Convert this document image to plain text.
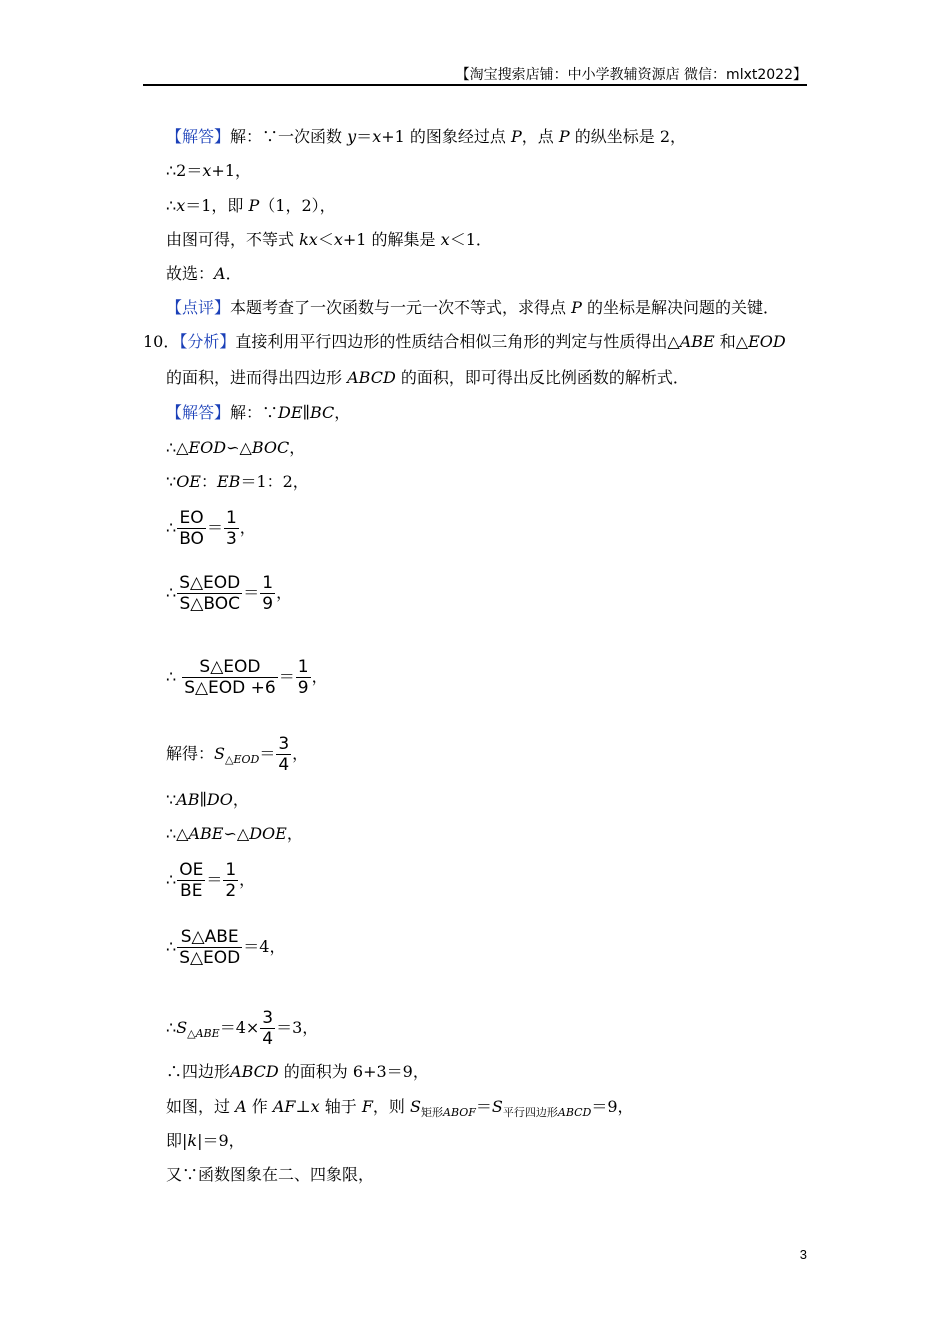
【淘宝搜索店铺：中小学教辅资源店 微信：mlxt2022】
【解答】解：∵一次函数 y＝x+1 的图象经过点 P，点 P 的纵坐标是 2，
∴2＝x+1，
∴x＝1，即 P（1，2），
由图可得，不等式 kx＜x+1 的解集是 x＜1．
故选：A．
【点评】本题考查了一次函数与一元一次不等式，求得点 P 的坐标是解决问题的关键．
10．【分析】直接利用平行四边形的性质结合相似三角形的判定与性质得出△ABE 和△EOD
的面积，进而得出四边形 ABCD 的面积，即可得出反比例函数的解析式．
【解答】解：∵DE∥BC，
∴△EOD∽△BOC，
∵OE：EB＝1：2，
∴ $\frac{EO}{BO} = \frac{1}{3}$ ，
∴ $\frac{\text{S△EOD}}{\text{S△BOC}} = \frac{1}{9}$ ，
∴ $\frac{\text{S△EOD}}{\text{S△EOD +6}} = \frac{1}{9}$ ，
解得：$S_{\triangle EOD}= \frac{3}{4}$ ，
∵AB∥DO，
∴△ABE∽△DOE，
∴ $\frac{OE}{BE} = \frac{1}{2}$ ，
∴ $\frac{\text{S△ABE}}{\text{S△EOD}} =4$，
$\therefore S_{\triangle ABE}=4\times \frac{3}{4} =3$，
∴四边形ABCD 的面积为 6+3＝9，
如图，过 A 作 AF⊥x 轴于 F，则 $S_{矩形ABOF}=S_{平行四边形ABCD}=9$，
即|k|＝9，
又∵函数图象在二、四象限，
3
